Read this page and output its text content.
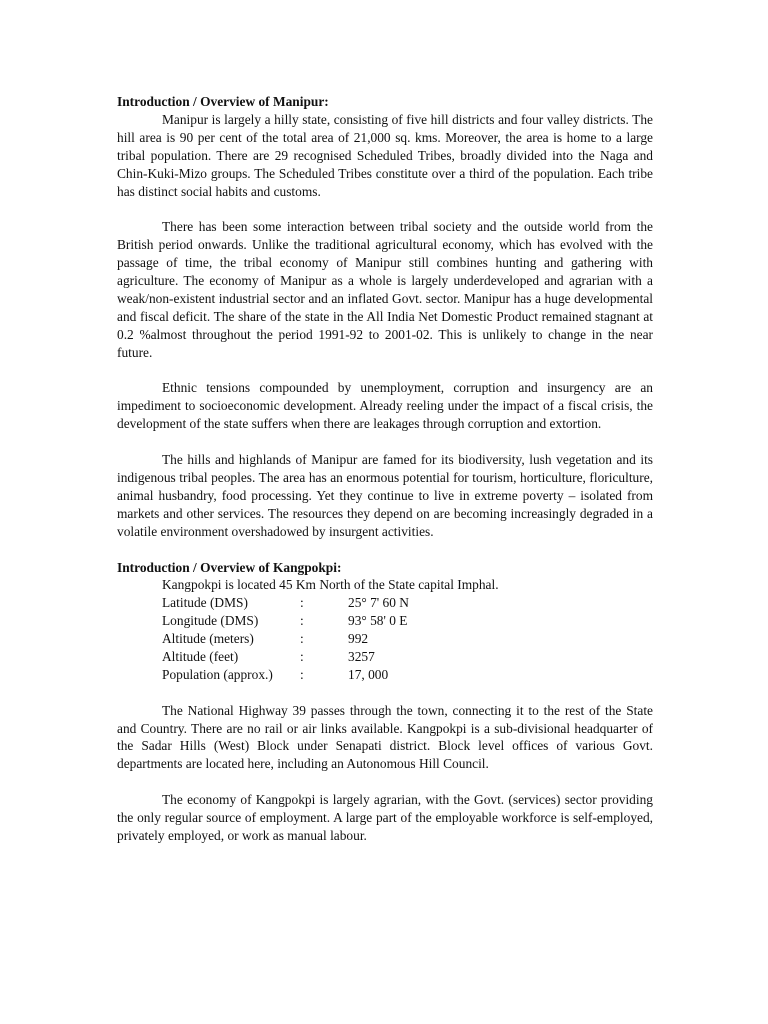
Introduction / Overview of Manipur:

Manipur is largely a hilly state, consisting of five hill districts and four valley districts. The hill area is 90 per cent of the total area of 21,000 sq. kms. Moreover, the area is home to a large tribal population. There are 29 recognised Scheduled Tribes, broadly divided into the Naga and Chin-Kuki-Mizo groups. The Scheduled Tribes constitute over a third of the population. Each tribe has distinct social habits and customs.

There has been some interaction between tribal society and the outside world from the British period onwards. Unlike the traditional agricultural economy, which has evolved with the passage of time, the tribal economy of Manipur still combines hunting and gathering with agriculture. The economy of Manipur as a whole is largely underdeveloped and agrarian with a weak/non-existent industrial sector and an inflated Govt. sector. Manipur has a huge developmental and fiscal deficit. The share of the state in the All India Net Domestic Product remained stagnant at 0.2 %almost throughout the period 1991-92 to 2001-02. This is unlikely to change in the near future.

Ethnic tensions compounded by unemployment, corruption and insurgency are an impediment to socioeconomic development. Already reeling under the impact of a fiscal crisis, the development of the state suffers when there are leakages through corruption and extortion.

The hills and highlands of Manipur are famed for its biodiversity, lush vegetation and its indigenous tribal peoples. The area has an enormous potential for tourism, horticulture, floriculture, animal husbandry, food processing. Yet they continue to live in extreme poverty – isolated from markets and other services. The resources they depend on are becoming increasingly degraded in a volatile environment overshadowed by insurgent activities.

Introduction / Overview of Kangpokpi:

Kangpokpi is located 45 Km North of the State capital Imphal.

Latitude (DMS)	:	25° 7' 60 N
Longitude (DMS)	:	93° 58' 0 E
Altitude (meters)	:	992
Altitude (feet)	:	3257
Population (approx.)	:	17, 000

The National Highway 39 passes through the town, connecting it to the rest of the State and Country. There are no rail or air links available. Kangpokpi is a sub-divisional headquarter of the Sadar Hills (West) Block under Senapati district. Block level offices of various Govt. departments are located here, including an Autonomous Hill Council.

The economy of Kangpokpi is largely agrarian, with the Govt. (services) sector providing the only regular source of employment. A large part of the employable workforce is self-employed, privately employed, or work as manual labour.
